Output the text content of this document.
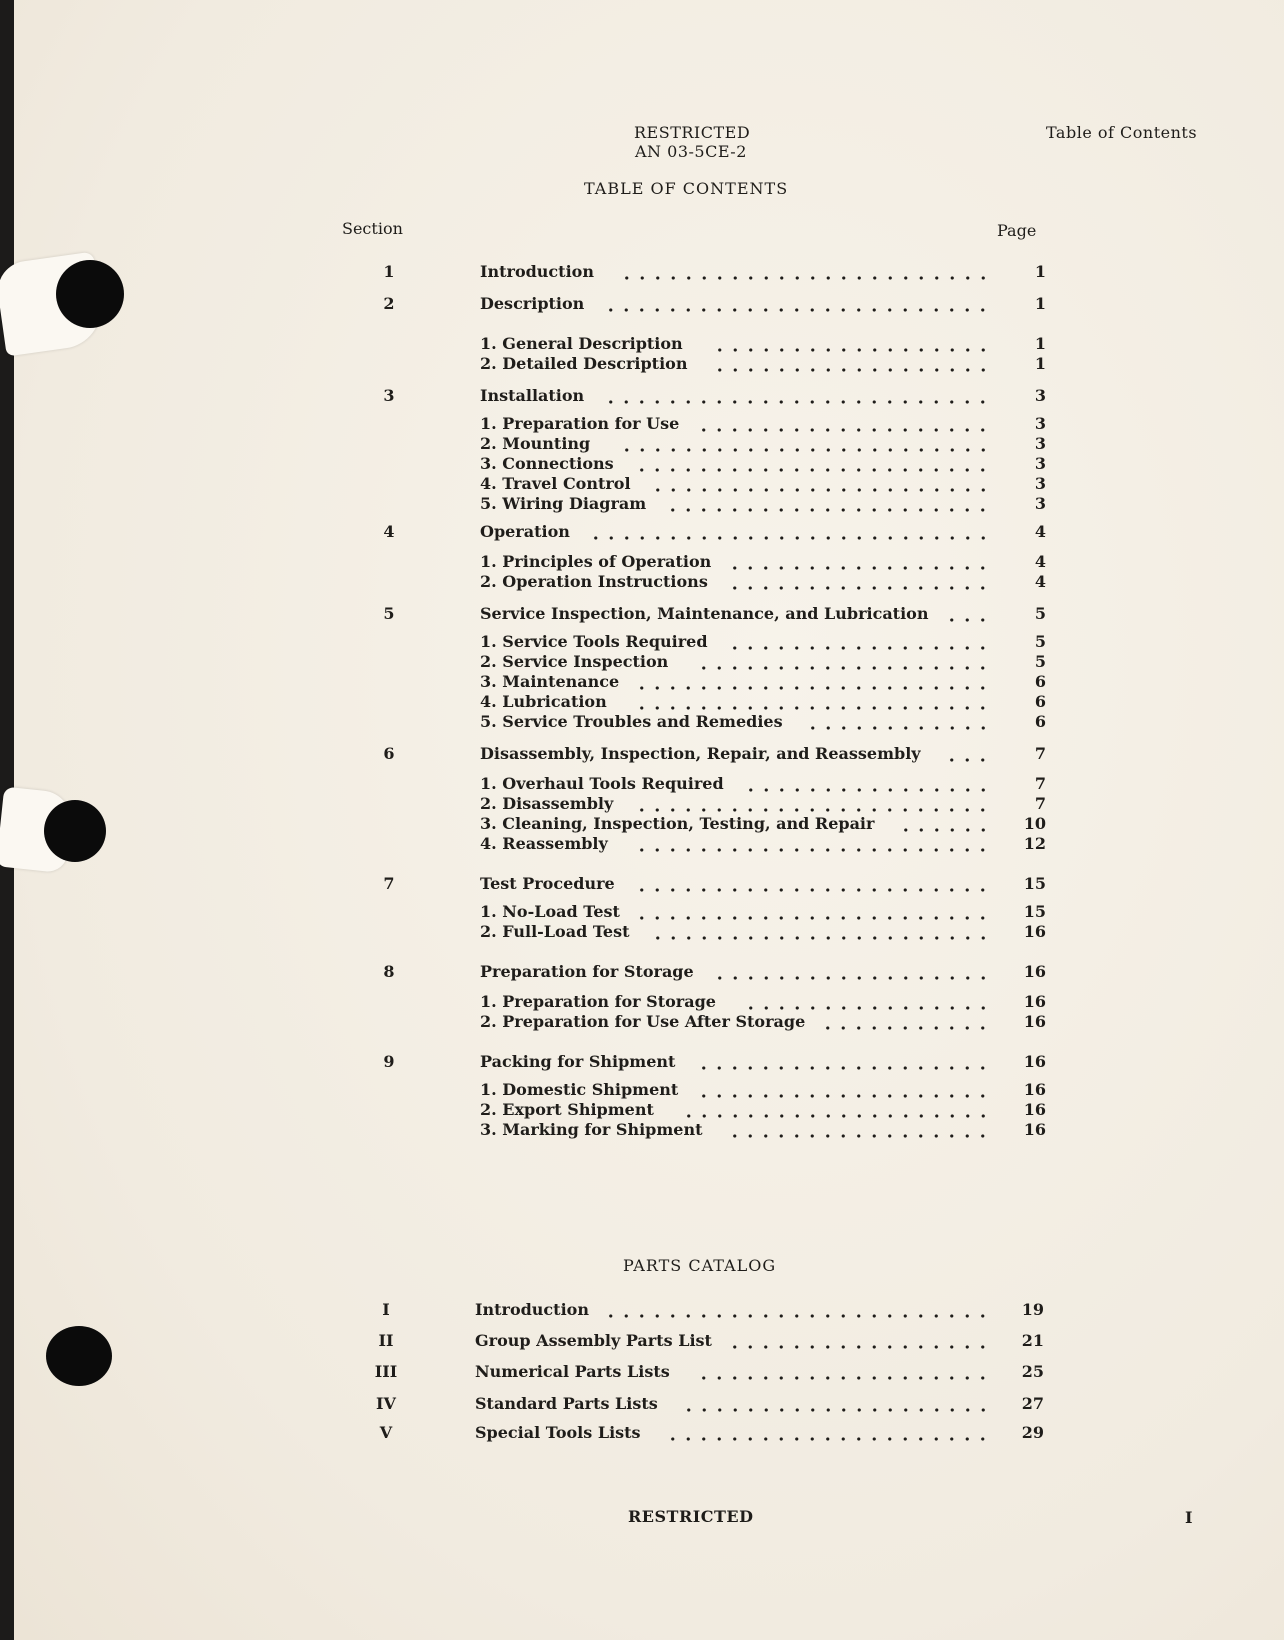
RESTRICTED
AN 03-5CE-2
Table of Contents
TABLE OF CONTENTS
Section	Page
1	Introduction	1
2	Description	1
1. General Description	1
2. Detailed Description	1
3	Installation	3
1. Preparation for Use	3
2. Mounting	3
3. Connections	3
4. Travel Control	3
5. Wiring Diagram	3
4	Operation	4
1. Principles of Operation	4
2. Operation Instructions	4
5	Service Inspection, Maintenance, and Lubrication	5
1. Service Tools Required	5
2. Service Inspection	5
3. Maintenance	6
4. Lubrication	6
5. Service Troubles and Remedies	6
6	Disassembly, Inspection, Repair, and Reassembly	7
1. Overhaul Tools Required	7
2. Disassembly	7
3. Cleaning, Inspection, Testing, and Repair	10
4. Reassembly	12
7	Test Procedure	15
1. No-Load Test	15
2. Full-Load Test	16
8	Preparation for Storage	16
1. Preparation for Storage	16
2. Preparation for Use After Storage	16
9	Packing for Shipment	16
1. Domestic Shipment	16
2. Export Shipment	16
3. Marking for Shipment	16
PARTS CATALOG
I	Introduction	19
II	Group Assembly Parts List	21
III	Numerical Parts Lists	25
IV	Standard Parts Lists	27
V	Special Tools Lists	29
RESTRICTED	I
